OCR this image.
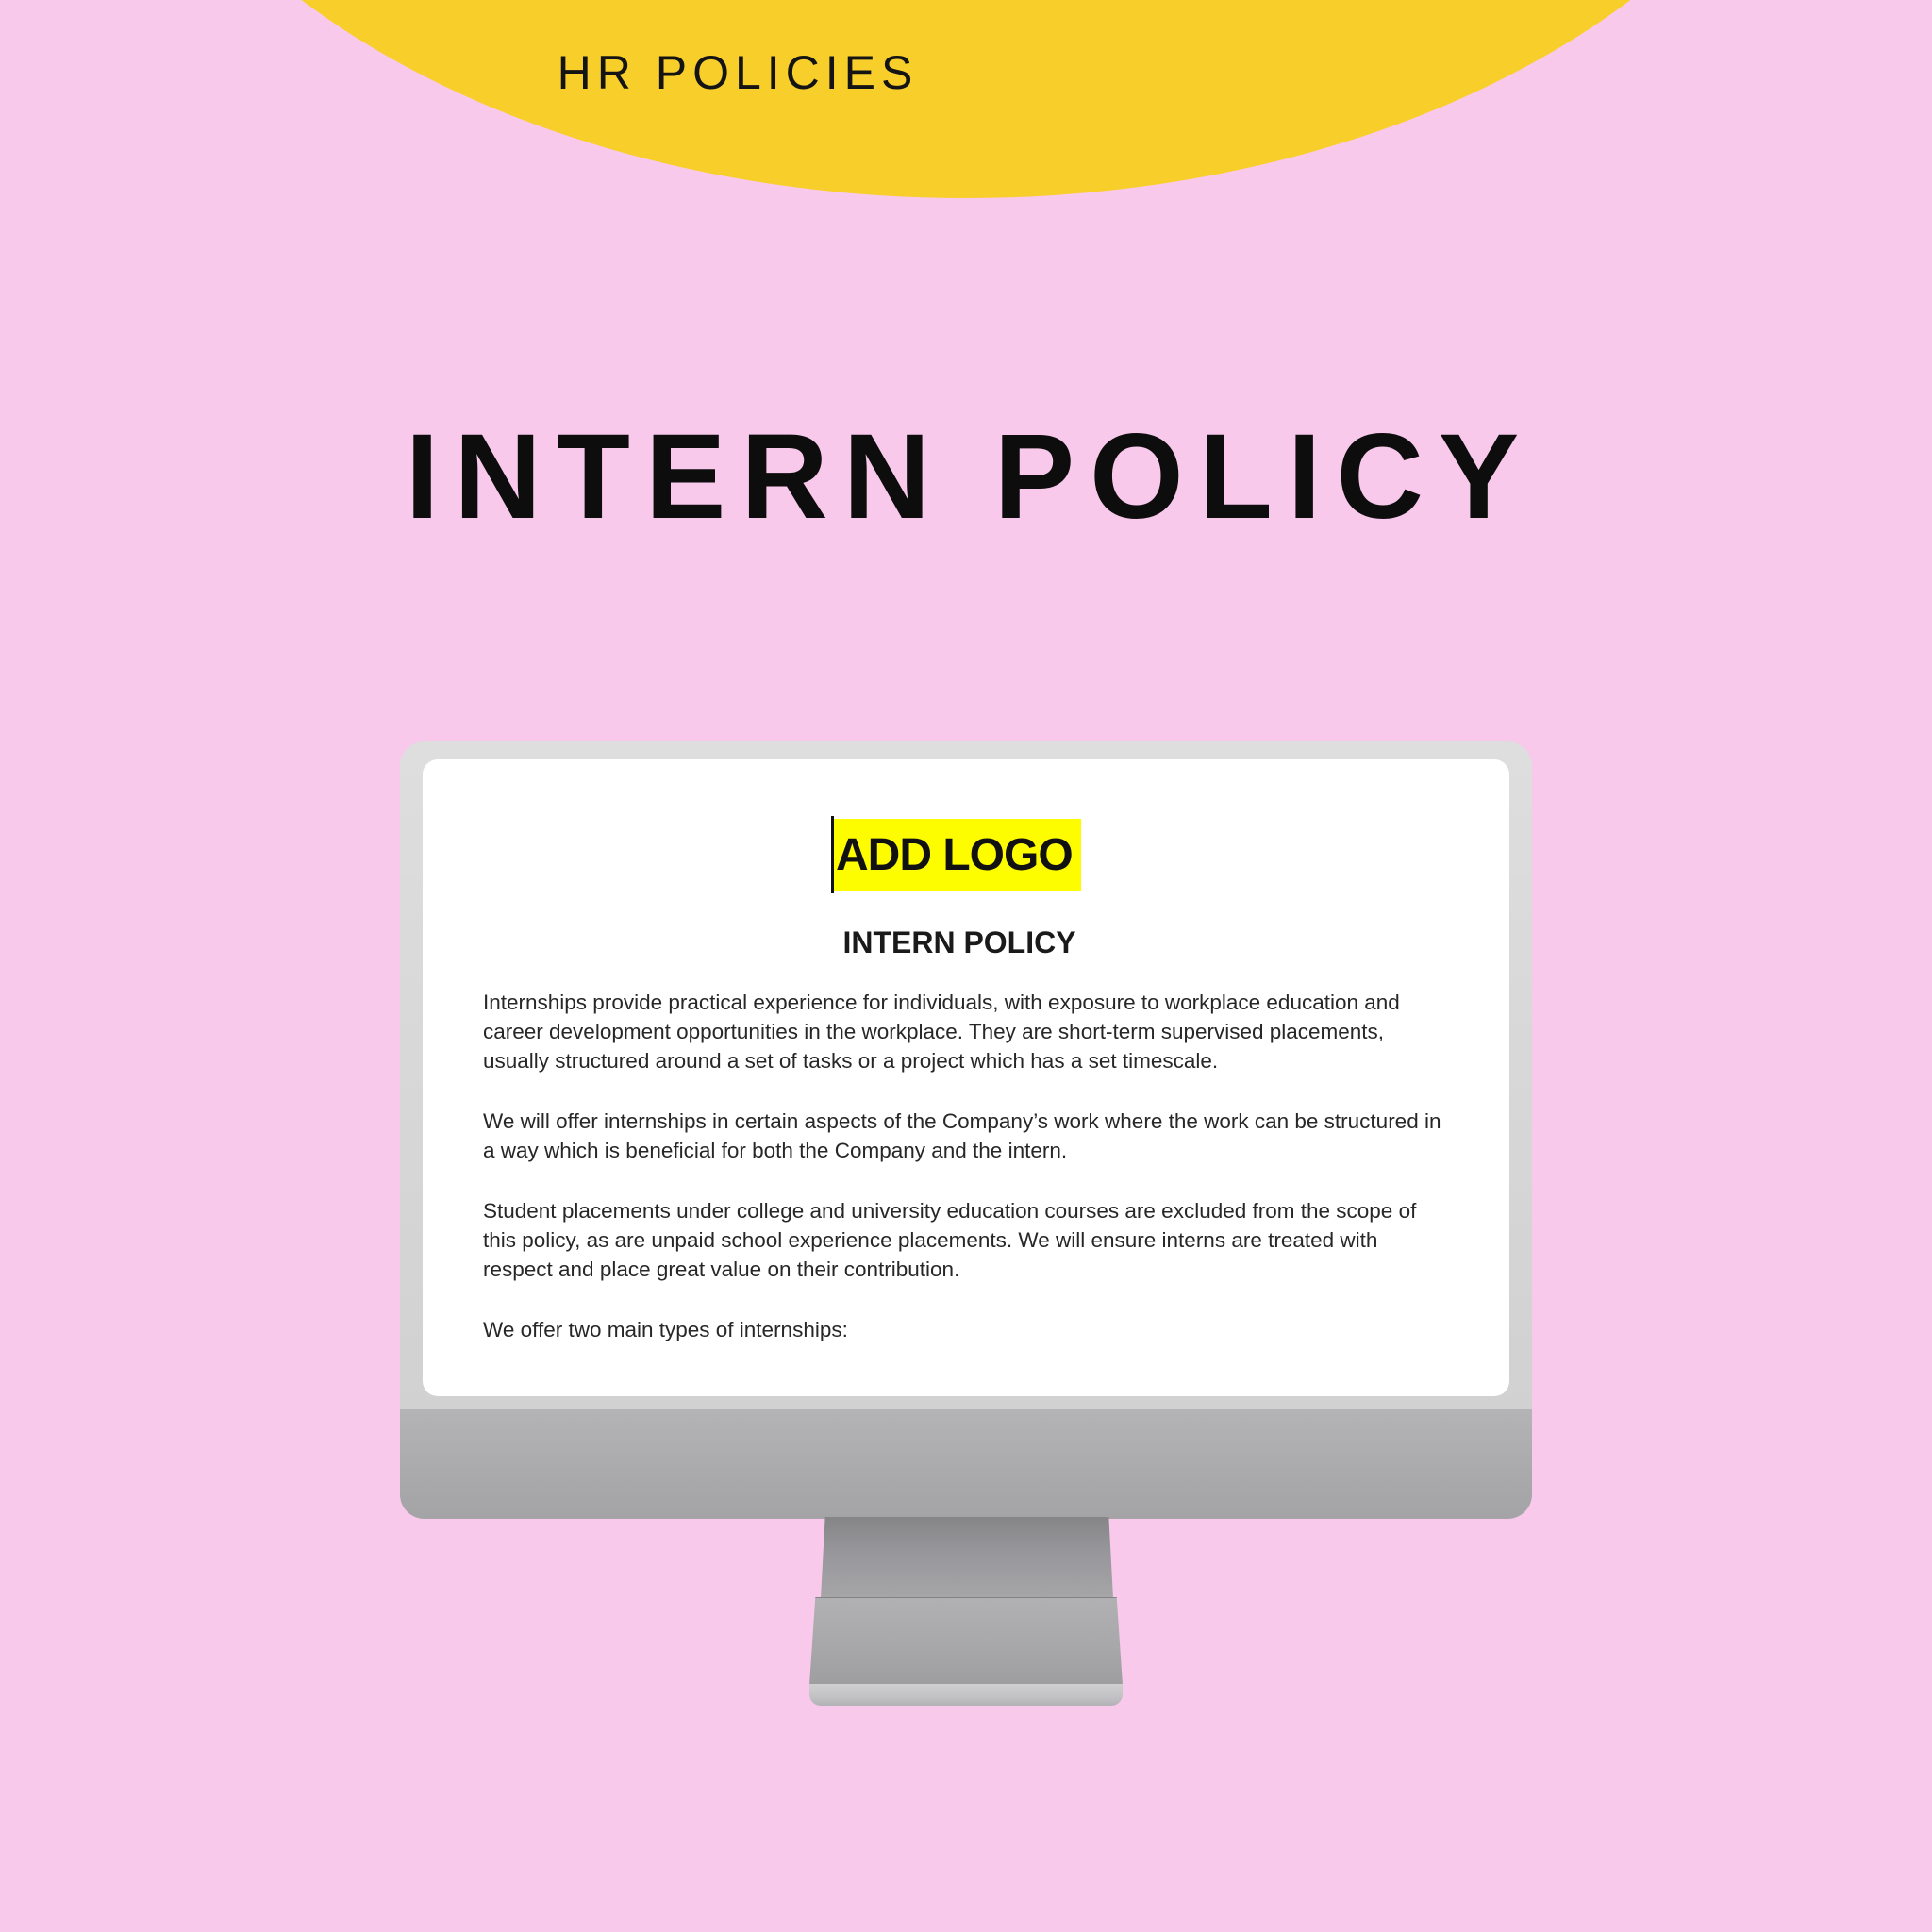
HR POLICIES
INTERN POLICY
ADD LOGO
INTERN POLICY

Internships provide practical experience for individuals, with exposure to workplace education and career development opportunities in the workplace. They are short-term supervised placements, usually structured around a set of tasks or a project which has a set timescale.

We will offer internships in certain aspects of the Company’s work where the work can be structured in a way which is beneficial for both the Company and the intern.

Student placements under college and university education courses are excluded from the scope of this policy, as are unpaid school experience placements. We will ensure interns are treated with respect and place great value on their contribution.

We offer two main types of internships:
